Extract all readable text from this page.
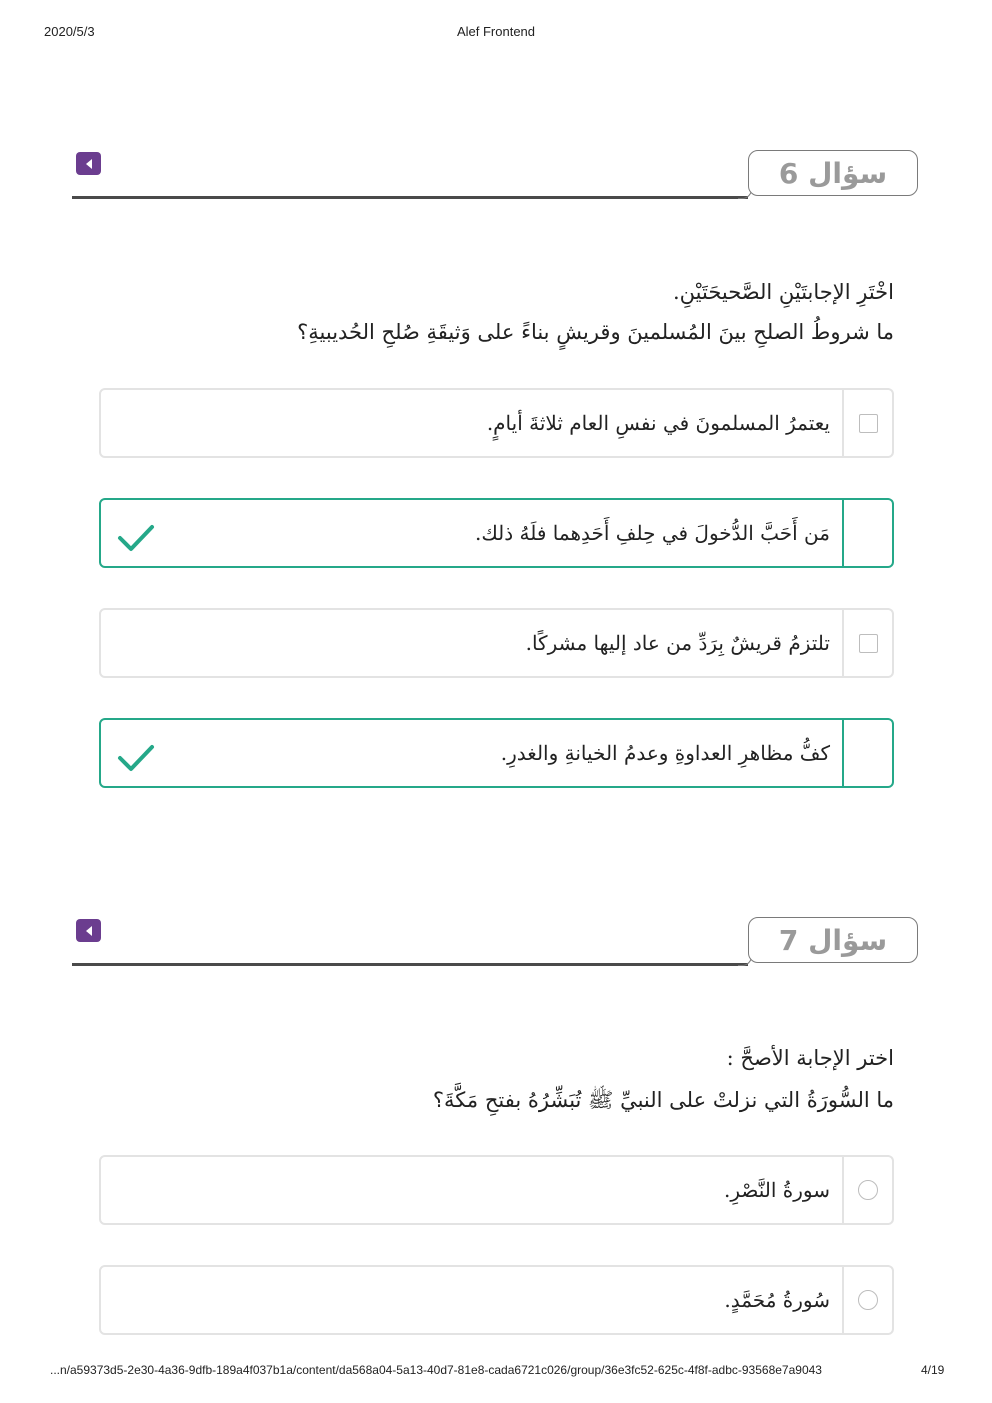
2020/5/3	Alef Frontend
سؤال 6
اخْتَرِ الإجابتَيْنِ الصَّحيحَتَيْنِ.
ما شروطُ الصلحِ بينَ المُسلمينَ وقريشٍ بناءً على وَثيقَةِ صُلحِ الحُديبيةِ؟
يعتمرُ المسلمونَ في نفسِ العام ثلاثةَ أيامٍ.
مَن أَحَبَّ الدُّخولَ في حِلفِ أَحَدِهما فلَهُ ذلك.
تلتزمُ قريشٌ بِرَدِّ من عاد إليها مشركًا.
كفُّ مظاهرِ العداوةِ وعدمُ الخيانةِ والغدرِ.
سؤال 7
اختر الإجابة الأصحَّ :
ما السُّورَةُ التي نزلتْ على النبيِّ ﷺ تُبَشِّرُهُ بفتحِ مَكَّةَ؟
سورةُ النَّصْرِ.
سُورةُ مُحَمَّدٍ.
...n/a59373d5-2e30-4a36-9dfb-189a4f037b1a/content/da568a04-5a13-40d7-81e8-cada6721c026/group/36e3fc52-625c-4f8f-adbc-93568e7a9043	4/19
